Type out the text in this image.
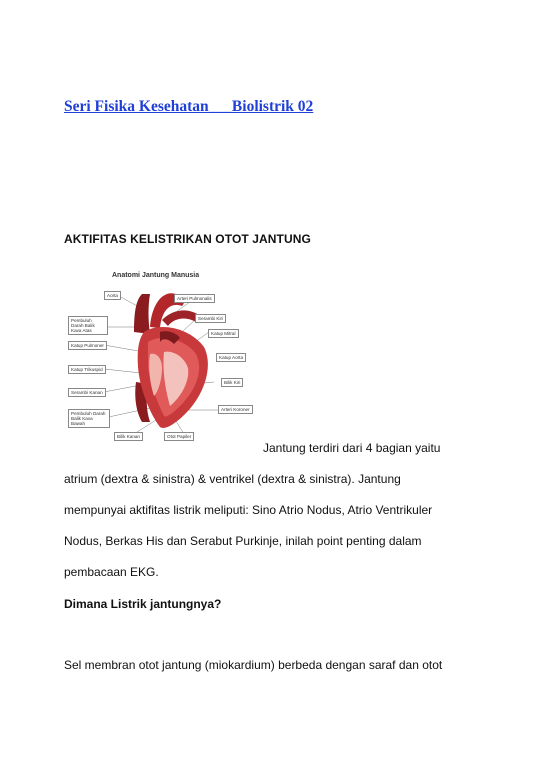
Seri Fisika Kesehatan___Biolistrik 02
AKTIFITAS KELISTRIKAN OTOT JANTUNG
Anatomi Jantung Manusia
Aorta
Arteri Pulmonalis
Pembuluh Darah Balik Kava Atas
Serambi Kiri
Katup Mitral
Katup Pulmoner
Katup Aorta
Katup Trikuspid
Bilik Kiri
Serambi Kanan
Arteri Koroner
Pembuluh Darah Balik Kava Bawah
Bilik Kanan	Otot Papiler
Jantung terdiri dari 4 bagian yaitu
atrium (dextra & sinistra) & ventrikel (dextra & sinistra). Jantung
mempunyai aktifitas listrik meliputi: Sino Atrio Nodus, Atrio Ventrikuler
Nodus, Berkas His dan Serabut Purkinje, inilah point penting dalam
pembacaan EKG.
Dimana Listrik jantungnya?
Sel membran otot jantung (miokardium) berbeda dengan saraf dan otot
